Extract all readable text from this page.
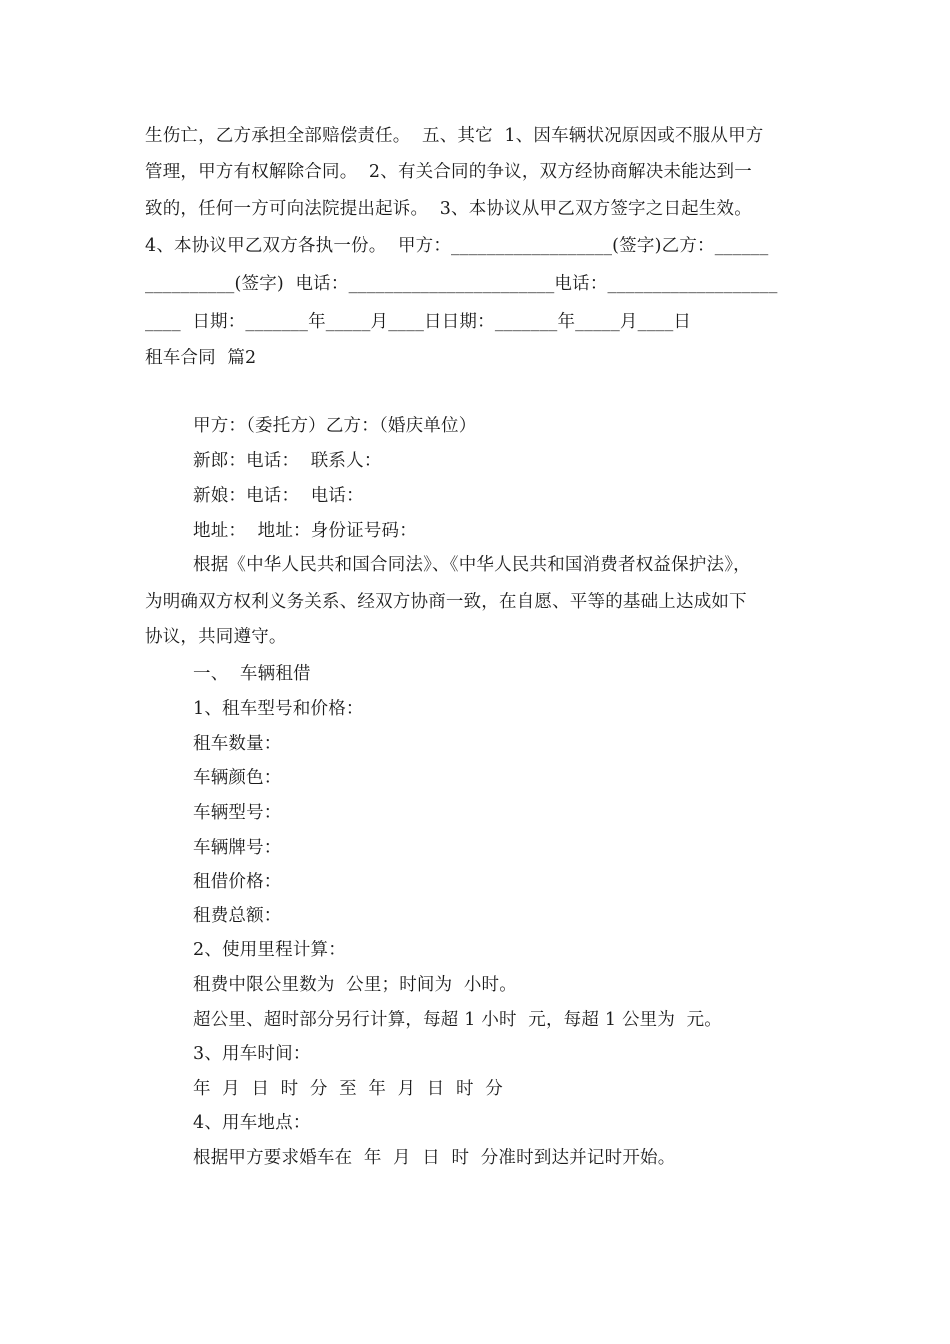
生伤亡，乙方承担全部赔偿责任。  五、其它  1、因车辆状况原因或不服从甲方
管理，甲方有权解除合同。  2、有关合同的争议，双方经协商解决未能达到一
致的，任何一方可向法院提出起诉。  3、本协议从甲乙双方签字之日起生效。
4、本协议甲乙双方各执一份。  甲方：__________________(签字)乙方：______
__________(签字)  电话：_______________________电话：___________________
____  日期：_______年_____月____日日期：_______年_____月____日
租车合同  篇2
甲方：（委托方）乙方：（婚庆单位）
新郎：电话：  联系人：
新娘：电话：  电话：
地址：  地址：身份证号码：
根据《中华人民共和国合同法》、《中华人民共和国消费者权益保护法》，
为明确双方权利义务关系、经双方协商一致，在自愿、平等的基础上达成如下
协议，共同遵守。
一、  车辆租借
1、租车型号和价格：
租车数量：
车辆颜色：
车辆型号：
车辆牌号：
租借价格：
租费总额：
2、使用里程计算：
租费中限公里数为  公里；时间为  小时。
超公里、超时部分另行计算，每超 1 小时  元，每超 1 公里为  元。
3、用车时间：
年  月  日  时  分  至  年  月  日  时  分
4、用车地点：
根据甲方要求婚车在  年  月  日  时  分准时到达并记时开始。
